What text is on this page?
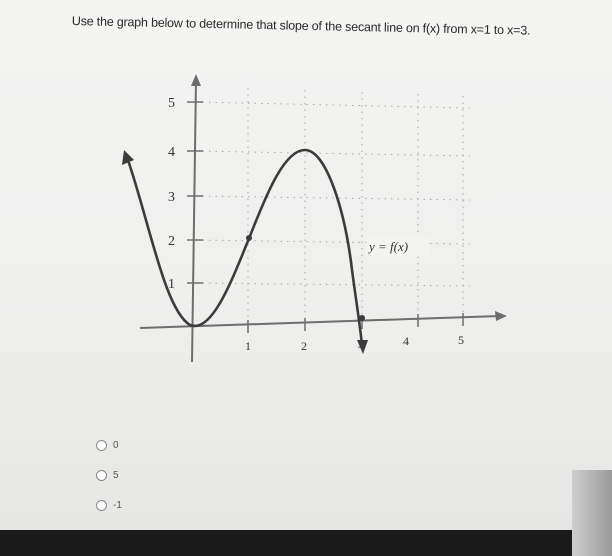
Use the graph below to determine that slope of the secant line on f(x) from x=1 to x=3.
5
4
3
2
1
1	2	4	5
y = f(x)
0
5
-1
